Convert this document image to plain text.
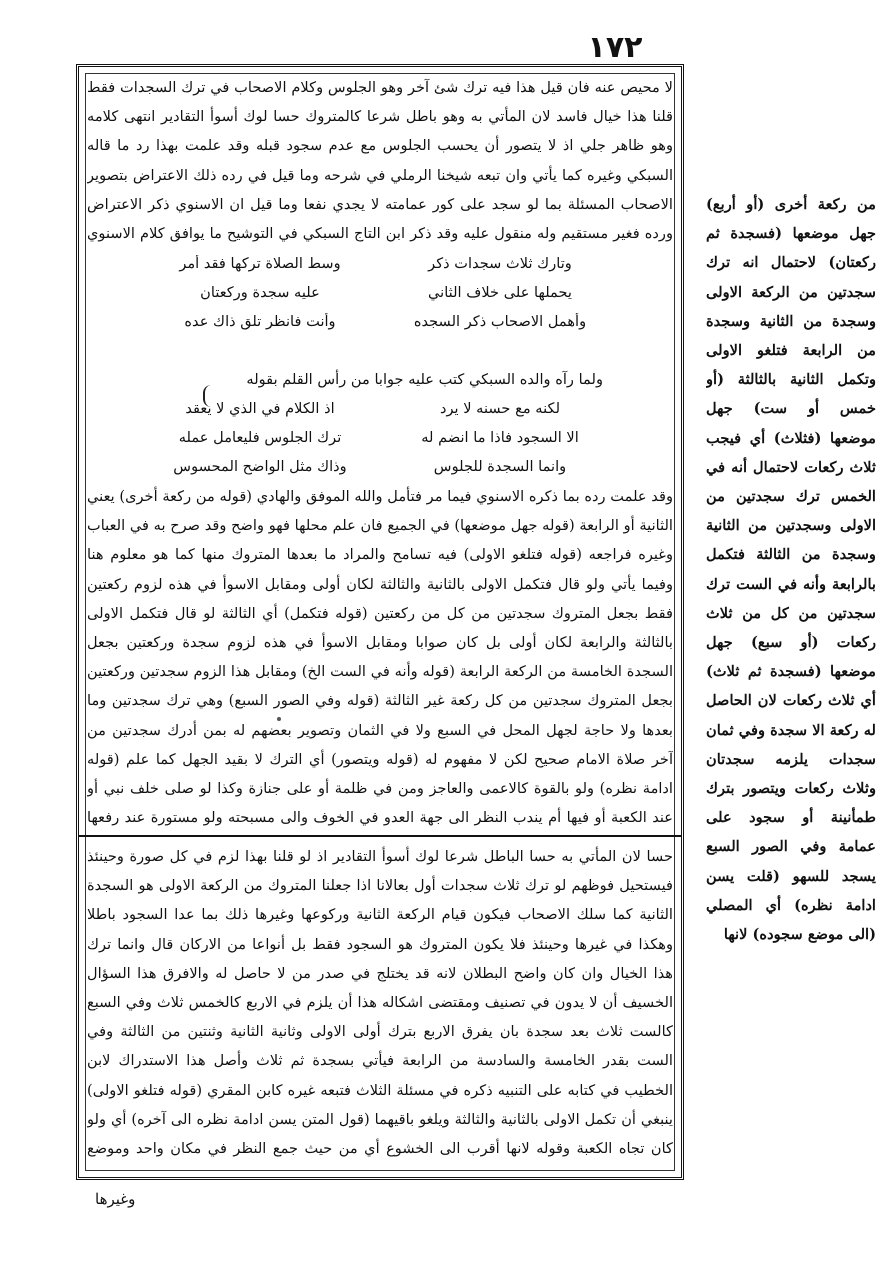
١٧٢
لا محيص عنه فان قيل هذا فيه ترك شئ آخر وهو الجلوس وكلام الاصحاب في ترك السجدات فقط قلنا هذا خيال فاسد لان المأتي به وهو باطل شرعا كالمتروك حسا لوك أسوأ التقادير انتهى كلامه وهو ظاهر جلي اذ لا يتصور أن يحسب الجلوس مع عدم سجود قبله وقد علمت بهذا رد ما قاله السبكي وغيره كما يأتي وان تبعه شيخنا الرملي في شرحه وما قيل في رده ذلك الاعتراض بتصوير الاصحاب المسئلة بما لو سجد على كور عمامته لا يجدي نفعا وما قيل ان الاسنوي ذكر الاعتراض ورده فغير مستقيم وله منقول عليه وقد ذكر ابن التاج السبكي في التوشيح ما يوافق كلام الاسنوي
وتارك ثلاث سجدات ذكر
وسط الصلاة تركها فقد أمر
يحملها على خلاف الثاني
عليه سجدة وركعتان
وأهمل الاصحاب ذكر السجده
وأنت فانظر تلق ذاك عده
ولما رآه والده السبكي كتب عليه جوابا من رأس القلم بقوله
لكنه مع حسنه لا يرد
اذ الكلام في الذي لا يعقد
الا السجود فاذا ما انضم له
ترك الجلوس فليعامل عمله
وانما السجدة للجلوس
وذاك مثل الواضح المحسوس
وقد علمت رده بما ذكره الاسنوي فيما مر فتأمل والله الموفق والهادي (قوله من ركعة أخرى) يعني الثانية أو الرابعة (قوله جهل موضعها) في الجميع فان علم محلها فهو واضح وقد صرح به في العباب وغيره فراجعه (قوله فتلغو الاولى) فيه تسامح والمراد ما بعدها المتروك منها كما هو معلوم هنا وفيما يأتي ولو قال فتكمل الاولى بالثانية والثالثة لكان أولى ومقابل الاسوأ في هذه لزوم ركعتين فقط بجعل المتروك سجدتين من كل من ركعتين (قوله فتكمل) أي الثالثة لو قال فتكمل الاولى بالثالثة والرابعة لكان أولى بل كان صوابا ومقابل الاسوأ في هذه لزوم سجدة وركعتين بجعل السجدة الخامسة من الركعة الرابعة (قوله وأنه في الست الخ) ومقابل هذا الزوم سجدتين وركعتين بجعل المتروك سجدتين من كل ركعة غير الثالثة (قوله وفي الصور السبع) وهي ترك سجدتين وما بعدها ولا حاجة لجهل المحل في السبع ولا في الثمان وتصوير بعضهم له بمن أدرك سجدتين من آخر صلاة الامام صحيح لكن لا مفهوم له (قوله ويتصور) أي الترك لا بقيد الجهل كما علم (قوله ادامة نظره) ولو بالقوة كالاعمى والعاجز ومن في ظلمة أو على جنازة وكذا لو صلى خلف نبي أو عند الكعبة أو فيها أم يندب النظر الى جهة العدو في الخوف والى مسبحته ولو مستورة عند رفعها
حسا لان المأتي به حسا الباطل شرعا لوك أسوأ التقادير اذ لو قلنا بهذا لزم في كل صورة وحينئذ فيستحيل فوظهم لو ترك ثلاث سجدات أول بعالانا اذا جعلنا المتروك من الركعة الاولى هو السجدة الثانية كما سلك الاصحاب فيكون قيام الركعة الثانية وركوعها وغيرها ذلك بما عدا السجود باطلا وهكذا في غيرها وحينئذ فلا يكون المتروك هو السجود فقط بل أنواعا من الاركان قال وانما ترك هذا الخيال وان كان واضح البطلان لانه قد يختلج في صدر من لا حاصل له والافرق هذا السؤال الخسيف أن لا يدون في تصنيف ومقتضى اشكاله هذا أن يلزم في الاربع كالخمس ثلاث وفي السبع كالست ثلاث بعد سجدة بان يفرق الاربع بترك أولى الاولى وثانية الثانية وثنتين من الثالثة وفي الست بقدر الخامسة والسادسة من الرابعة فيأتي بسجدة ثم ثلاث وأصل هذا الاستدراك لابن الخطيب في كتابه على التنبيه ذكره في مسئلة الثلاث فتبعه غيره كابن المقري (قوله فتلغو الاولى) ينبغي أن تكمل الاولى بالثانية والثالثة ويلغو باقيهما (قول المتن يسن ادامة نظره الى آخره) أي ولو كان تجاه الكعبة وقوله لانها أقرب الى الخشوع أي من حيث جمع النظر في مكان واحد وموضع
من ركعة أخرى (أو أربع) جهل موضعها (فسجدة ثم ركعتان) لاحتمال انه ترك سجدتين من الركعة الاولى وسجدة من الثانية وسجدة من الرابعة فتلغو الاولى وتكمل الثانية بالثالثة (أو خمس أو ست) جهل موضعها (فثلاث) أي فيجب ثلاث ركعات لاحتمال أنه في الخمس ترك سجدتين من الاولى وسجدتين من الثانية وسجدة من الثالثة فتكمل بالرابعة وأنه في الست ترك سجدتين من كل من ثلاث ركعات (أو سبع) جهل موضعها (فسجدة ثم ثلاث) أي ثلاث ركعات لان الحاصل له ركعة الا سجدة وفي ثمان سجدات يلزمه سجدتان وثلاث ركعات ويتصور بترك طمأنينة أو سجود على عمامة وفي الصور السبع يسجد للسهو (قلت يسن ادامة نظره) أي المصلي (الى موضع سجوده) لانها
وغيرها
